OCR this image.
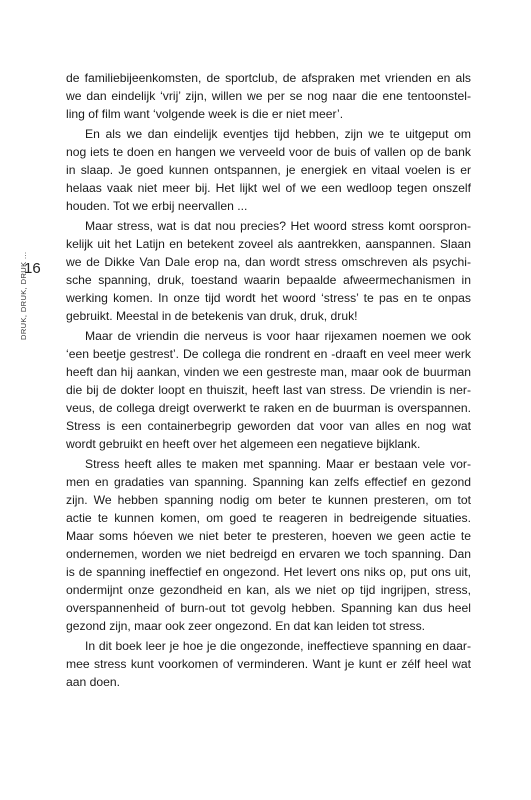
16
DRUK, DRUK, DRUK ...

de familiebijeenkomsten, de sportclub, de afspraken met vrienden en als
we dan eindelijk ‘vrij’ zijn, willen we per se nog naar die ene tentoonstel-
ling of film want ‘volgende week is die er niet meer’.

En als we dan eindelijk eventjes tijd hebben, zijn we te uitgeput om
nog iets te doen en hangen we verveeld voor de buis of vallen op de bank
in slaap. Je goed kunnen ontspannen, je energiek en vitaal voelen is er
helaas vaak niet meer bij. Het lijkt wel of we een wedloop tegen onszelf
houden. Tot we erbij neervallen ...

Maar stress, wat is dat nou precies? Het woord stress komt oorspron-
kelijk uit het Latijn en betekent zoveel als aantrekken, aanspannen. Slaan
we de Dikke Van Dale erop na, dan wordt stress omschreven als psychi-
sche spanning, druk, toestand waarin bepaalde afweermechanismen in
werking komen. In onze tijd wordt het woord ‘stress’ te pas en te onpas
gebruikt. Meestal in de betekenis van druk, druk, druk!

Maar de vriendin die nerveus is voor haar rijexamen noemen we ook
‘een beetje gestrest’. De collega die rondrent en -draaft en veel meer werk
heeft dan hij aankan, vinden we een gestreste man, maar ook de buurman
die bij de dokter loopt en thuiszit, heeft last van stress. De vriendin is ner-
veus, de collega dreigt overwerkt te raken en de buurman is overspannen.
Stress is een containerbegrip geworden dat voor van alles en nog wat
wordt gebruikt en heeft over het algemeen een negatieve bijklank.

Stress heeft alles te maken met spanning. Maar er bestaan vele vor-
men en gradaties van spanning. Spanning kan zelfs effectief en gezond
zijn. We hebben spanning nodig om beter te kunnen presteren, om tot
actie te kunnen komen, om goed te reageren in bedreigende situaties.
Maar soms hóeven we niet beter te presteren, hoeven we geen actie te
ondernemen, worden we niet bedreigd en ervaren we toch spanning. Dan
is de spanning ineffectief en ongezond. Het levert ons niks op, put ons uit,
ondermijnt onze gezondheid en kan, als we niet op tijd ingrijpen, stress,
overspannenheid of burn-out tot gevolg hebben. Spanning kan dus heel
gezond zijn, maar ook zeer ongezond. En dat kan leiden tot stress.

In dit boek leer je hoe je die ongezonde, ineffectieve spanning en daar-
mee stress kunt voorkomen of verminderen. Want je kunt er zélf heel wat
aan doen.
